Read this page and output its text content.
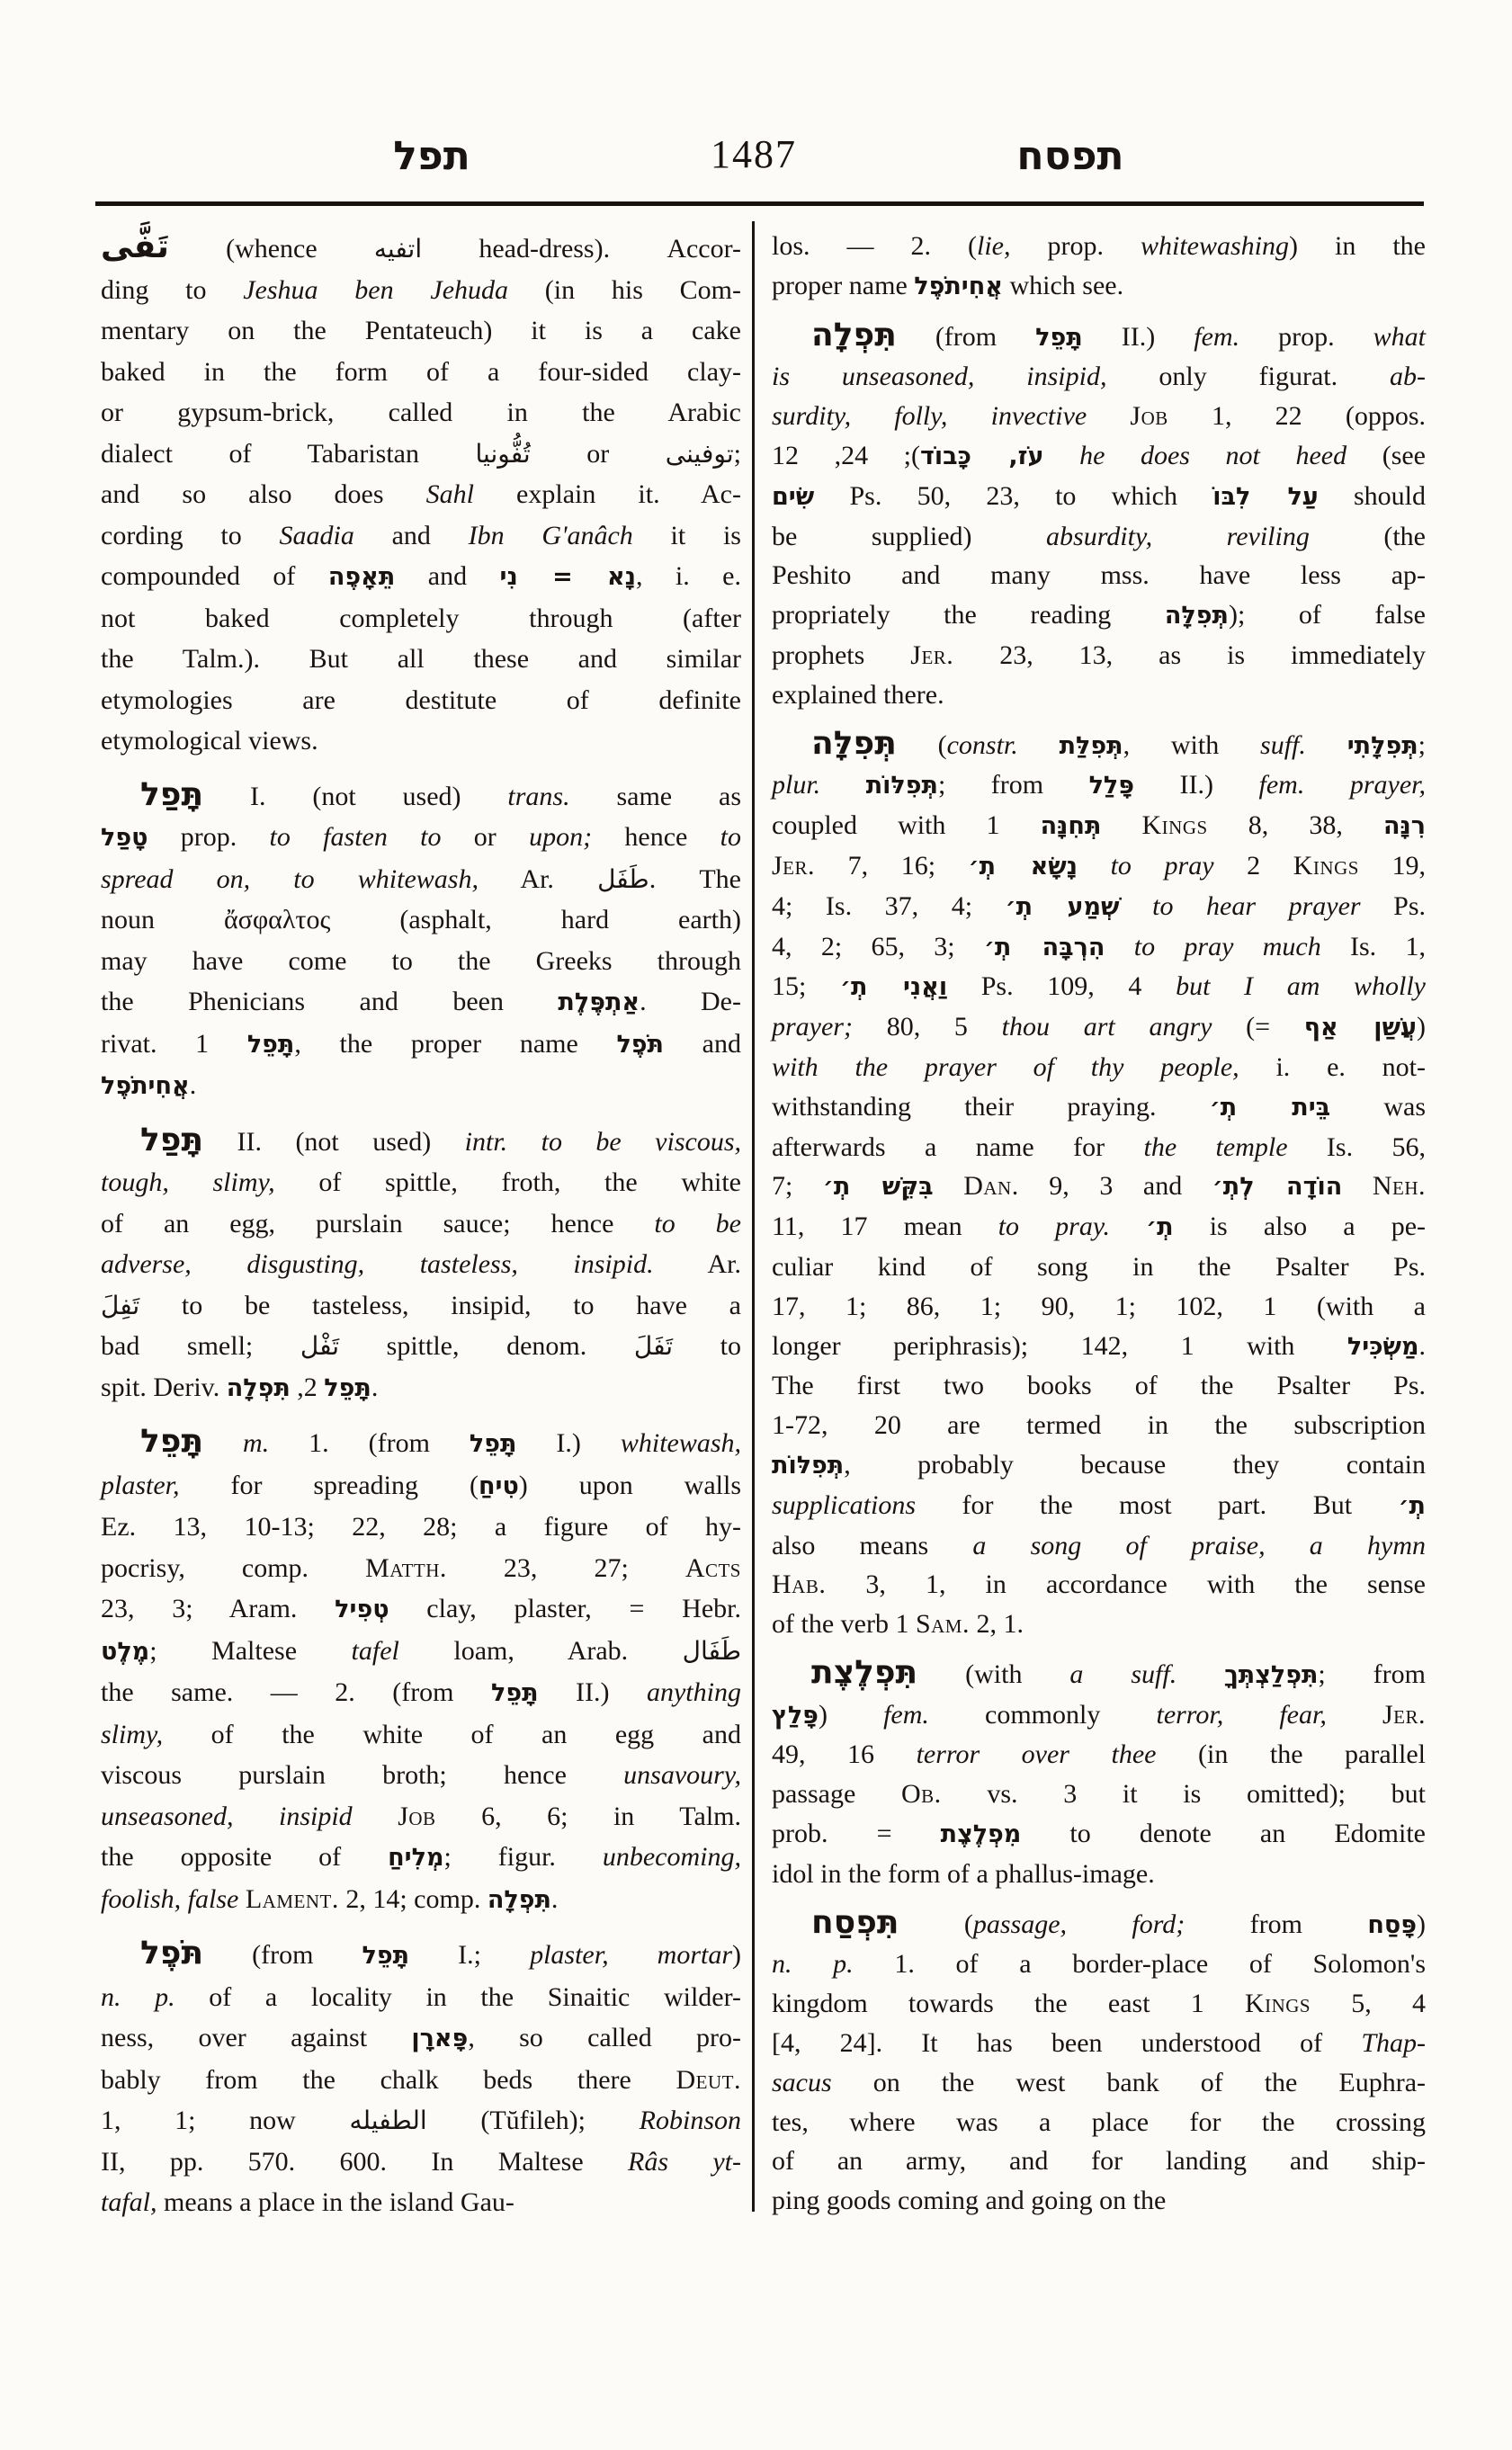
תפל	1487	תפסח
تَفَّى (whence اتفيه head-dress). Accor-
ding to Jeshua ben Jehuda (in his Com-
mentary on the Pentateuch) it is a cake
baked in the form of a four-sided clay-
or gypsum-brick, called in the Arabic
dialect of Tabaristan تُفُّونيا or توفينى;
and so also does Sahl explain it. Ac-
cording to Saadia and Ibn G'anâch it is
compounded of תֵּאָפֶה and נָא = נִי, i. e.
not baked completely through (after
the Talm.). But all these and similar
etymologies are destitute of definite
etymological views.
תָּפַל I. (not used) trans. same as
טָפַל prop. to fasten to or upon; hence to
spread on, to whitewash, Ar. طَفَل. The
noun ἄσφαλτος (asphalt, hard earth)
may have come to the Greeks through
the Phenicians and been אַתְפֶּלֶת. De-
rivat. תָּפֵל 1, the proper name תֹּפֶל and
אֲחִיתֹפֶל.
תָּפַל II. (not used) intr. to be viscous,
tough, slimy, of spittle, froth, the white
of an egg, purslain sauce; hence to be
adverse, disgusting, tasteless, insipid. Ar.
تَفِلَ to be tasteless, insipid, to have a
bad smell; تَفْل spittle, denom. تَفَلَ to
spit. Deriv.	תָּפֵל 2, תִּפְלָה	.
תָּפֵל m. 1. (from תָּפֵל I.) whitewash,
plaster, for spreading (טִיחַ) upon walls
Ez. 13, 10-13; 22, 28; a figure of hy-
pocrisy, comp. Matth. 23, 27; Acts
23, 3; Aram. טְפִיל clay, plaster, = Hebr.
מֶלֶט; Maltese tafel loam, Arab. طَفَال
the same. — 2. (from תָּפֵל II.) anything
slimy, of the white of an egg and
viscous purslain broth; hence unsavoury,
unseasoned, insipid Job 6, 6; in Talm.
the opposite of מְלִיחַ; figur. unbecoming,
foolish, false Lament. 2, 14; comp. תִּפְלָה.
תֹּפֶל (from תָּפֵל I.; plaster, mortar)
n. p. of a locality in the Sinaitic wilder-
ness, over against פָּארָן, so called pro-
bably from the chalk beds there Deut.
1, 1; now الطفيله (Tŭfileh); Robinson
II, pp. 570. 600. In Maltese Râs yt-
tafal, means a place in the island Gau-
los. — 2. (lie, prop. whitewashing) in the
proper name אֲחִיתֹפֶל which see.
תִּפְלָה (from תָּפֵל II.) fem. prop. what
is unseasoned, insipid, only figurat. ab-
surdity, folly, invective Job 1, 22 (oppos.
עֹז, כָּבוֹד); 24, 12 he does not heed (see
שִׂים Ps. 50, 23, to which עַל לִבּוֹ should
be supplied) absurdity, reviling (the
Peshito and many mss. have less ap-
propriately the reading תְּפִלָּה); of false
prophets Jer. 23, 13, as is immediately
explained there.
תְּפִלָּה (constr. תְּפִלַּת, with suff. תְּפִלָּתִי;
plur. תְּפִלּוֹת; from פָּלַל II.) fem. prayer,
coupled with תְּחִנָּה 1 Kings 8, 38, רִנָּה
Jer. 7, 16; נָשָׂא תְ׳ to pray 2 Kings 19,
4; Is. 37, 4; שְׁמַע תְ׳ to hear prayer Ps.
4, 2; 65, 3; הִרְבָּה תְ׳ to pray much Is. 1,
15; וַאֲנִי תְ׳ Ps. 109, 4 but I am wholly
prayer; 80, 5 thou art angry (= עֲשַׁן אַף)
with the prayer of thy people, i. e. not-
withstanding their praying. בֵּית תְ׳ was
afterwards a name for the temple Is. 56,
7; בִּקֵּשׁ תְ׳ Dan. 9, 3 and הוֹדָה לְתְ׳ Neh.
11, 17 mean to pray. תְ׳ is also a pe-
culiar kind of song in the Psalter Ps.
17, 1; 86, 1; 90, 1; 102, 1 (with a
longer periphrasis); 142, 1 with מַשְׂכִּיל.
The first two books of the Psalter Ps.
1-72, 20 are termed in the subscription
תְּפִלּוֹת, probably because they contain
supplications for the most part. But תְ׳
also means a song of praise, a hymn
Hab. 3, 1, in accordance with the sense
of the verb 1 Sam. 2, 1.
תִּפְלֶצֶת (with a suff. תִּפְלַצְתְּךָ; from
פָּלַץ) fem. commonly terror, fear, Jer.
49, 16 terror over thee (in the parallel
passage Ob. vs. 3 it is omitted); but
prob. = מִפְלֶצֶת to denote an Edomite
idol in the form of a phallus-image.
תִּפְסַח (passage, ford; from פָּסַח)
n. p. 1. of a border-place of Solomon's
kingdom towards the east 1 Kings 5, 4
[4, 24]. It has been understood of Thap-
sacus on the west bank of the Euphra-
tes, where was a place for the crossing
of an army, and for landing and ship-
ping goods coming and going on the
